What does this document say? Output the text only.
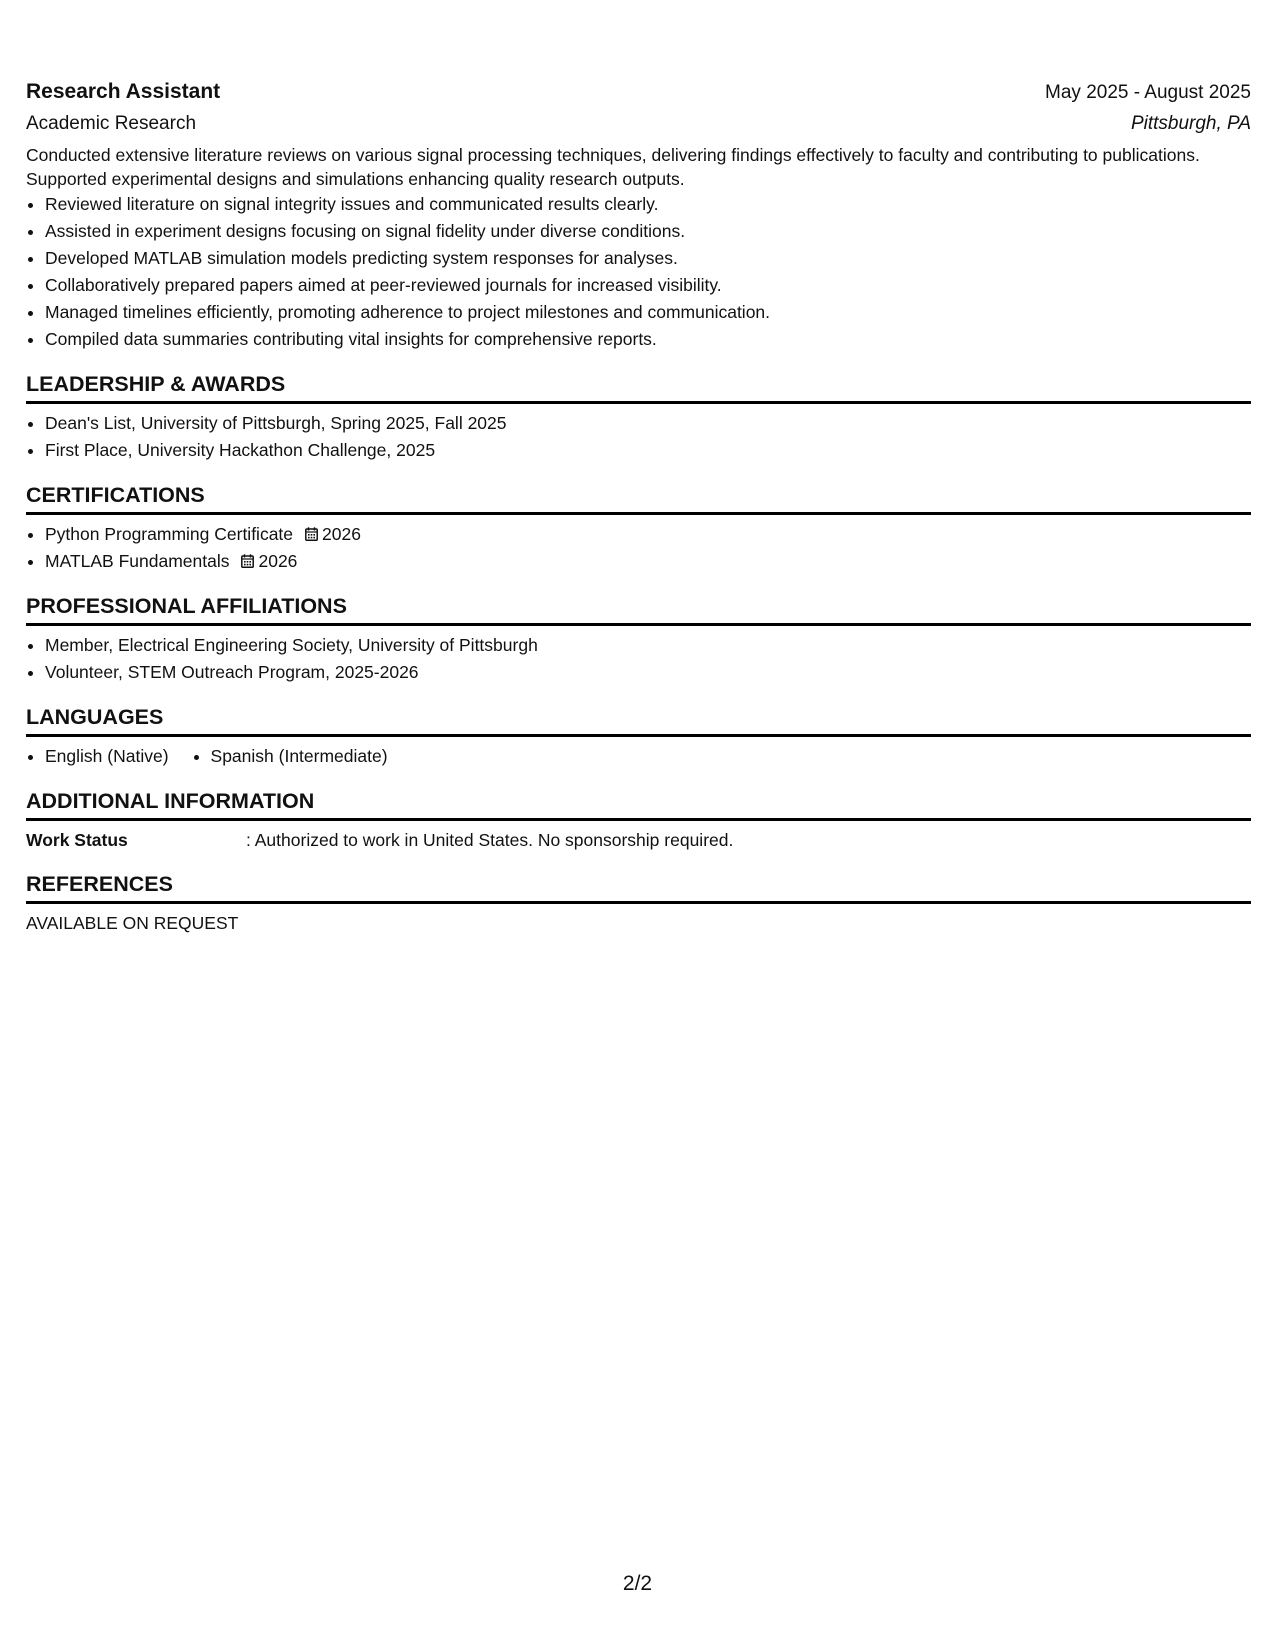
Research Assistant	May 2025 - August 2025
Academic Research	Pittsburgh, PA
Conducted extensive literature reviews on various signal processing techniques, delivering findings effectively to faculty and contributing to publications. Supported experimental designs and simulations enhancing quality research outputs.
• Reviewed literature on signal integrity issues and communicated results clearly.
• Assisted in experiment designs focusing on signal fidelity under diverse conditions.
• Developed MATLAB simulation models predicting system responses for analyses.
• Collaboratively prepared papers aimed at peer-reviewed journals for increased visibility.
• Managed timelines efficiently, promoting adherence to project milestones and communication.
• Compiled data summaries contributing vital insights for comprehensive reports.
LEADERSHIP & AWARDS
• Dean's List, University of Pittsburgh, Spring 2025, Fall 2025
• First Place, University Hackathon Challenge, 2025
CERTIFICATIONS
• Python Programming Certificate 2026
• MATLAB Fundamentals 2026
PROFESSIONAL AFFILIATIONS
• Member, Electrical Engineering Society, University of Pittsburgh
• Volunteer, STEM Outreach Program, 2025-2026
LANGUAGES
• English (Native)
• Spanish (Intermediate)
ADDITIONAL INFORMATION
Work Status	: Authorized to work in United States. No sponsorship required.
REFERENCES
AVAILABLE ON REQUEST
2/2
